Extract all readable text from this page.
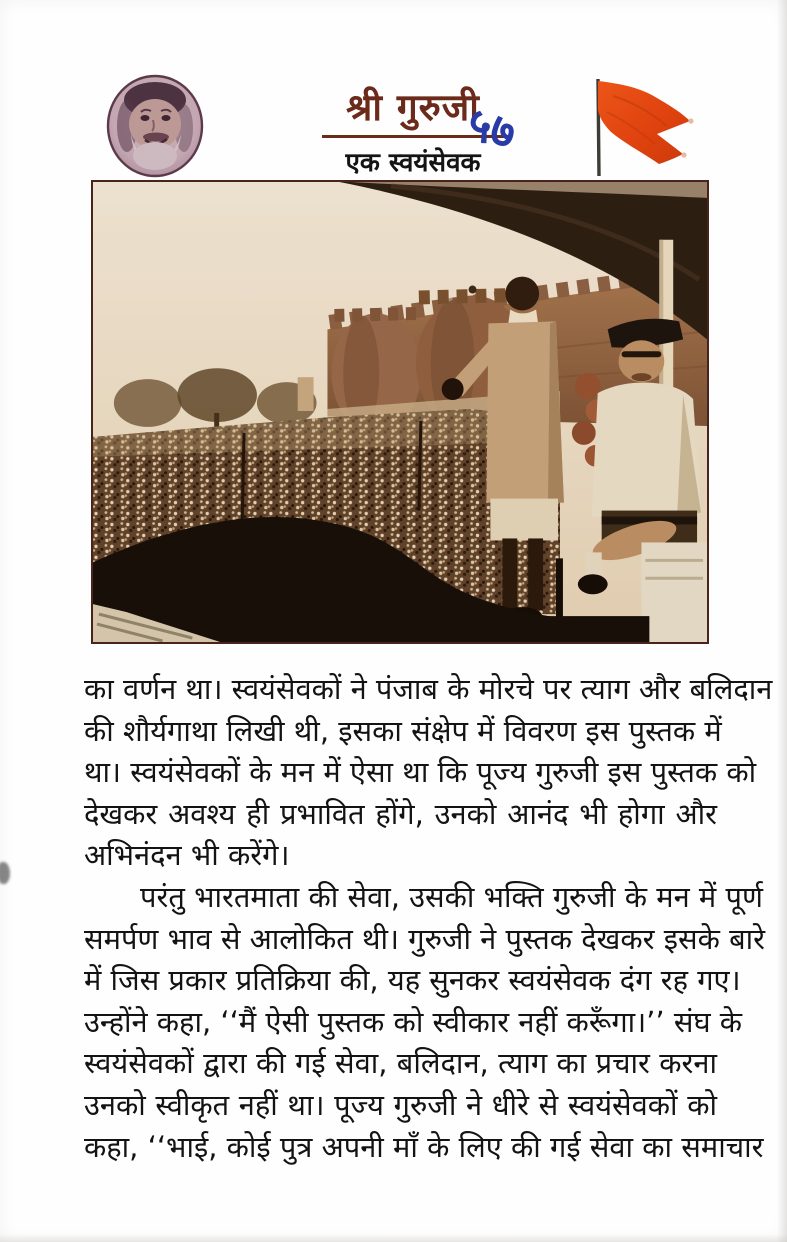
श्री गुरुजी
एक स्वयंसेवक
५७
का वर्णन था। स्वयंसेवकों ने पंजाब के मोरचे पर त्याग और बलिदान
की शौर्यगाथा लिखी थी, इसका संक्षेप में विवरण इस पुस्तक में
था। स्वयंसेवकों के मन में ऐसा था कि पूज्य गुरुजी इस पुस्तक को
देखकर अवश्य ही प्रभावित होंगे, उनको आनंद भी होगा और
अभिनंदन भी करेंगे।
परंतु भारतमाता की सेवा, उसकी भक्ति गुरुजी के मन में पूर्ण
समर्पण भाव से आलोकित थी। गुरुजी ने पुस्तक देखकर इसके बारे
में जिस प्रकार प्रतिक्रिया की, यह सुनकर स्वयंसेवक दंग रह गए।
उन्होंने कहा, ‘‘मैं ऐसी पुस्तक को स्वीकार नहीं करूँगा।’’ संघ के
स्वयंसेवकों द्वारा की गई सेवा, बलिदान, त्याग का प्रचार करना
उनको स्वीकृत नहीं था। पूज्य गुरुजी ने धीरे से स्वयंसेवकों को
कहा, ‘‘भाई, कोई पुत्र अपनी माँ के लिए की गई सेवा का समाचार
